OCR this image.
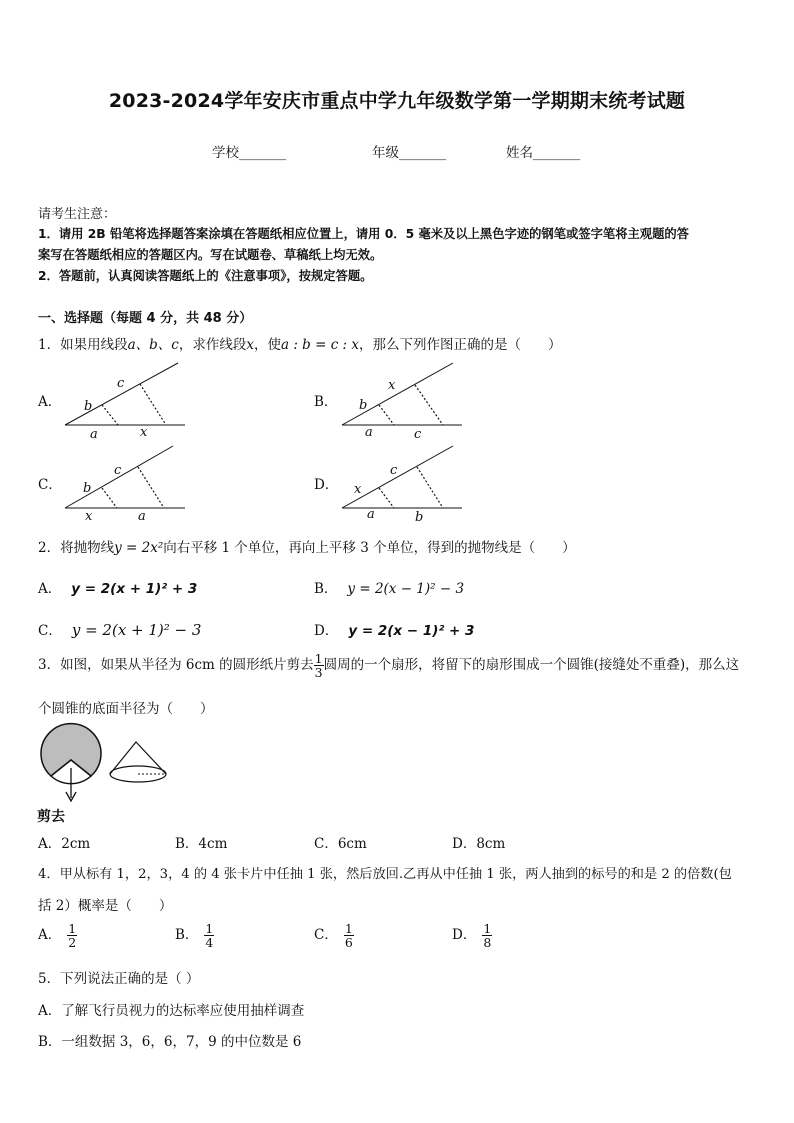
2023-2024学年安庆市重点中学九年级数学第一学期期末统考试题
学校_______	年级_______	姓名_______
请考生注意：
1．请用 2B 铅笔将选择题答案涂填在答题纸相应位置上，请用 0．5 毫米及以上黑色字迹的钢笔或签字笔将主观题的答
案写在答题纸相应的答题区内。写在试题卷、草稿纸上均无效。
2．答题前，认真阅读答题纸上的《注意事项》，按规定答题。
一、选择题（每题 4 分，共 48 分）
1．如果用线段a、b、c，求作线段x，使a : b = c : x，那么下列作图正确的是（　　）
A．
c
b
a	x
B．
x
b
a	c
C．
c
b
x	a
D．
c
x
a	b
2．将抛物线y = 2x²向右平移 1 个单位，再向上平移 3 个单位，得到的抛物线是（　　）
A． y = 2(x + 1)² + 3	B． y = 2(x − 1)² − 3
C． y = 2(x + 1)² − 3	D． y = 2(x − 1)² + 3
3．如图，如果从半径为 6cm 的圆形纸片剪去 $\frac{1}{3}$ 圆周的一个扇形，将留下的扇形围成一个圆锥(接缝处不重叠)，那么这
个圆锥的底面半径为（　　）
剪去
A．2cm	B．4cm	C．6cm	D．8cm
4．甲从标有 1，2，3，4 的 4 张卡片中任抽 1 张，然后放回.乙再从中任抽 1 张，两人抽到的标号的和是 2 的倍数(包
括 2）概率是（　　）
A． $\frac{1}{2}$	B． $\frac{1}{4}$	C． $\frac{1}{6}$	D． $\frac{1}{8}$
5．下列说法正确的是（ ）
A．了解飞行员视力的达标率应使用抽样调查
B．一组数据 3，6，6，7，9 的中位数是 6
